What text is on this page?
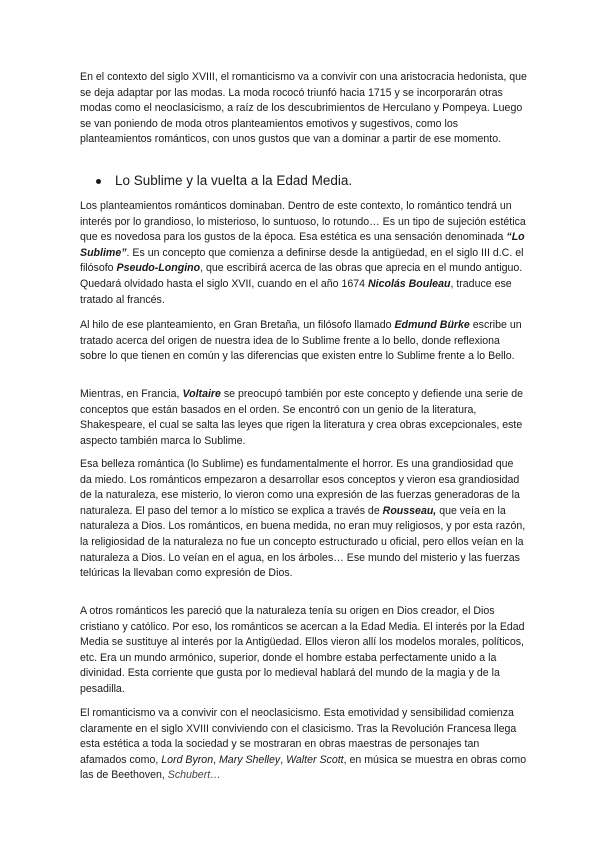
En el contexto del siglo XVIII, el romanticismo va a convivir con una aristocracia hedonista, que se deja adaptar por las modas. La moda rococó triunfó hacia 1715 y se incorporarán otras modas como el neoclasicismo, a raíz de los descubrimientos de Herculano y Pompeya. Luego se van poniendo de moda otros planteamientos emotivos y sugestivos, como los planteamientos románticos, con unos gustos que van a dominar a partir de ese momento.

Lo Sublime y la vuelta a la Edad Media.

Los planteamientos románticos dominaban. Dentro de este contexto, lo romántico tendrá un interés por lo grandioso, lo misterioso, lo suntuoso, lo rotundo… Es un tipo de sujeción estética que es novedosa para los gustos de la época. Esa estética es una sensación denominada “Lo Sublime”. Es un concepto que comienza a definirse desde la antigüedad, en el siglo III d.C. el filósofo Pseudo-Longino, que escribirá acerca de las obras que aprecia en el mundo antiguo. Quedará olvidado hasta el siglo XVII, cuando en el año 1674 Nicolás Bouleau, traduce ese tratado al francés.

Al hilo de ese planteamiento, en Gran Bretaña, un filósofo llamado Edmund Bürke escribe un tratado acerca del origen de nuestra idea de lo Sublime frente a lo bello, donde reflexiona sobre lo que tienen en común y las diferencias que existen entre lo Sublime frente a lo Bello.

Mientras, en Francia, Voltaire se preocupó también por este concepto y defiende una serie de conceptos que están basados en el orden. Se encontró con un genio de la literatura, Shakespeare, el cual se salta las leyes que rigen la literatura y crea obras excepcionales, este aspecto también marca lo Sublime.

Esa belleza romántica (lo Sublime) es fundamentalmente el horror. Es una grandiosidad que da miedo. Los románticos empezaron a desarrollar esos conceptos y vieron esa grandiosidad de la naturaleza, ese misterio, lo vieron como una expresión de las fuerzas generadoras de la naturaleza. El paso del temor a lo místico se explica a través de Rousseau, que veía en la naturaleza a Dios. Los románticos, en buena medida, no eran muy religiosos, y por esta razón, la religiosidad de la naturaleza no fue un concepto estructurado u oficial, pero ellos veían en la naturaleza a Dios. Lo veían en el agua, en los árboles… Ese mundo del misterio y las fuerzas telúricas la llevaban como expresión de Dios.

A otros románticos les pareció que la naturaleza tenía su origen en Dios creador, el Dios cristiano y católico. Por eso, los románticos se acercan a la Edad Media. El interés por la Edad Media se sustituye al interés por la Antigüedad. Ellos vieron allí los modelos morales, políticos, etc. Era un mundo armónico, superior, donde el hombre estaba perfectamente unido a la divinidad. Esta corriente que gusta por lo medieval hablará del mundo de la magia y de la pesadilla.

El romanticismo va a convivir con el neoclasicismo. Esta emotividad y sensibilidad comienza claramente en el siglo XVIII conviviendo con el clasicismo. Tras la Revolución Francesa llega esta estética a toda la sociedad y se mostraran en obras maestras de personajes tan afamados como, Lord Byron, Mary Shelley, Walter Scott, en música se muestra en obras como las de Beethoven, Schubert…
